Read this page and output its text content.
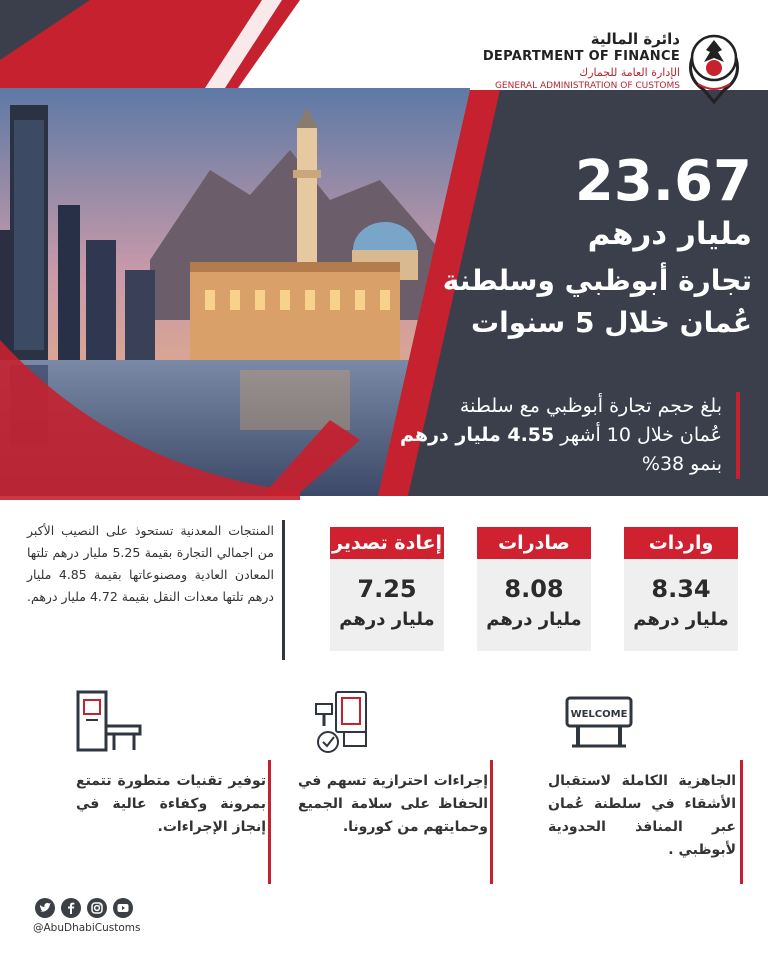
دائرة المالية
DEPARTMENT OF FINANCE
الإدارة العامة للجمارك
GENERAL ADMINISTRATION OF CUSTOMS
23.67
مليار درهم
تجارة أبوظبي وسلطنة
عُمان خلال 5 سنوات
بلغ حجم تجارة أبوظبي مع سلطنة
عُمان خلال 10 أشهر 4.55 مليار درهم
بنمو 38%
واردات
8.34
مليار درهم
صادرات
8.08
مليار درهم
إعادة تصدير
7.25
مليار درهم
المنتجات المعدنية تستحوذ على النصيب الأكبر من اجمالي التجارة بقيمة 5.25 مليار درهم تلتها المعادن العادية ومصنوعاتها بقيمة 4.85 مليار درهم تلتها معدات النقل بقيمة 4.72 مليار درهم.
WELCOME
الجاهزية الكاملة لاستقبال الأشقاء في سلطنة عُمان عبر المنافذ الحدودية لأبوظبي .
إجراءات احترازية تسهم في الحفاظ على سلامة الجميع وحمايتهم من كورونا.
توفير تقنيات متطورة تتمتع بمرونة وكفاءة عالية في إنجاز الإجراءات.
@AbuDhabiCustoms
